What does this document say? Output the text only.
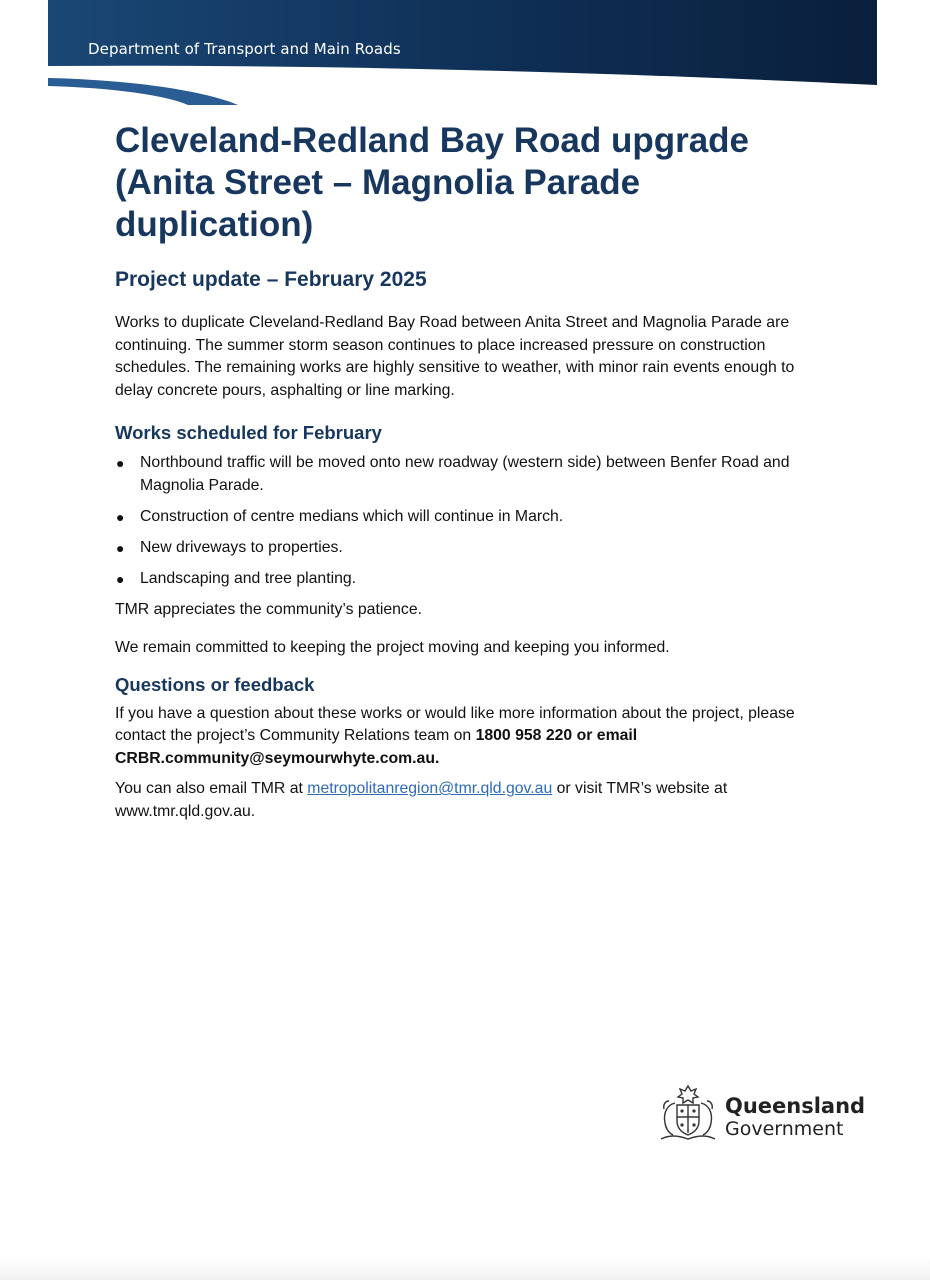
Department of Transport and Main Roads
Cleveland-Redland Bay Road upgrade
(Anita Street – Magnolia Parade
duplication)
Project update – February 2025

Works to duplicate Cleveland-Redland Bay Road between Anita Street and Magnolia Parade are continuing. The summer storm season continues to place increased pressure on construction schedules. The remaining works are highly sensitive to weather, with minor rain events enough to delay concrete pours, asphalting or line marking.

Works scheduled for February
● Northbound traffic will be moved onto new roadway (western side) between Benfer Road and Magnolia Parade.
● Construction of centre medians which will continue in March.
● New driveways to properties.
● Landscaping and tree planting.

TMR appreciates the community’s patience.

We remain committed to keeping the project moving and keeping you informed.

Questions or feedback

If you have a question about these works or would like more information about the project, please contact the project’s Community Relations team on 1800 958 220 or email CRBR.community@seymourwhyte.com.au.

You can also email TMR at metropolitanregion@tmr.qld.gov.au or visit TMR’s website at www.tmr.qld.gov.au.

Queensland
Government
